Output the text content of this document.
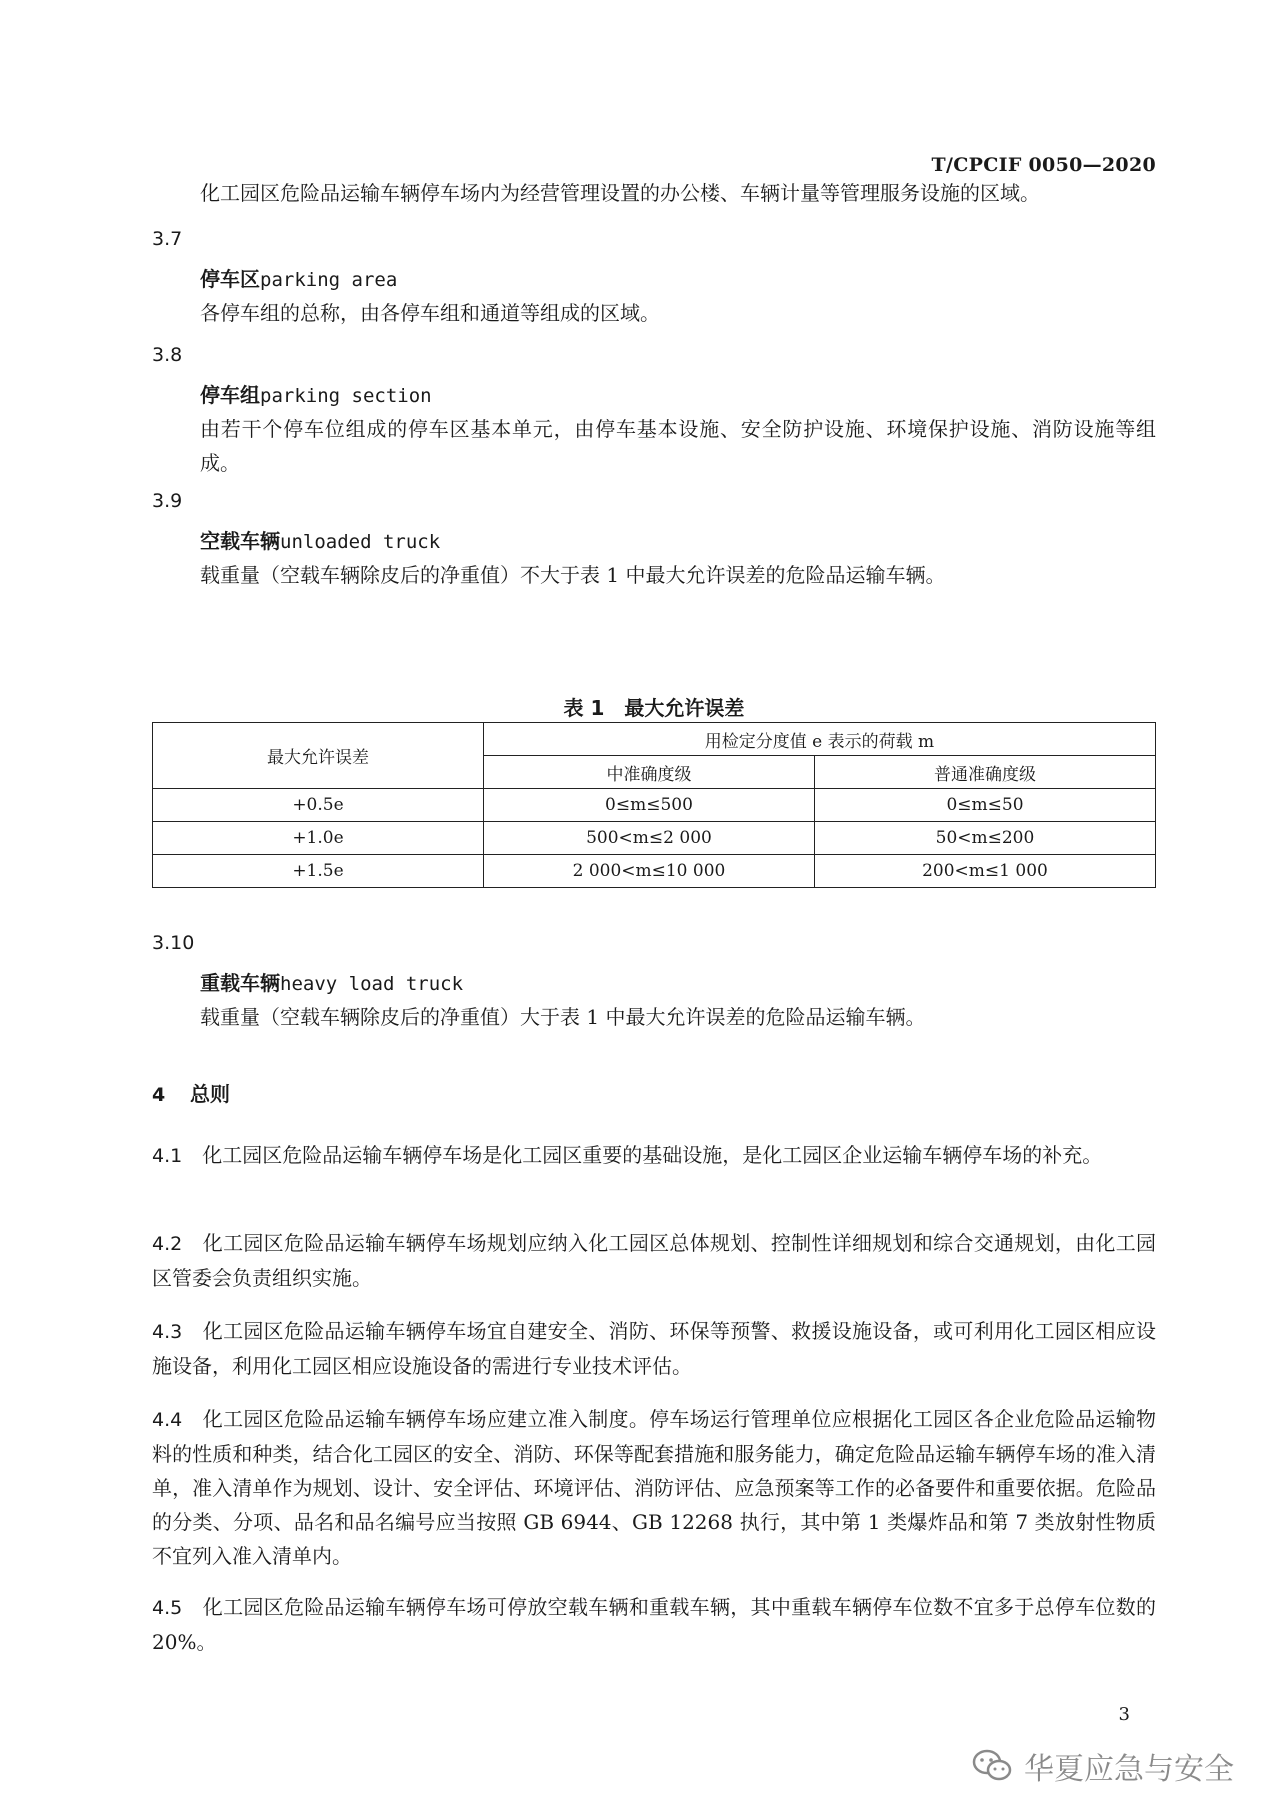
T/CPCIF 0050—2020
化工园区危险品运输车辆停车场内为经营管理设置的办公楼、车辆计量等管理服务设施的区域。
3.7
停车区parking area
各停车组的总称，由各停车组和通道等组成的区域。
3.8
停车组parking section
由若干个停车位组成的停车区基本单元，由停车基本设施、安全防护设施、环境保护设施、消防设施等组成。
3.9
空载车辆unloaded truck
载重量（空载车辆除皮后的净重值）不大于表 1 中最大允许误差的危险品运输车辆。
表 1　最大允许误差
最大允许误差	用检定分度值 e 表示的荷载 m	
	中准确度级	普通准确度级
+0.5e	0≤m≤500	0≤m≤50
+1.0e	500<m≤2 000	50<m≤200
+1.5e	2 000<m≤10 000	200<m≤1 000
3.10
重载车辆heavy load truck
载重量（空载车辆除皮后的净重值）大于表 1 中最大允许误差的危险品运输车辆。
4 总则
4.1　 化工园区危险品运输车辆停车场是化工园区重要的基础设施，是化工园区企业运输车辆停车场的补充。
4.2　 化工园区危险品运输车辆停车场规划应纳入化工园区总体规划、控制性详细规划和综合交通规划，由化工园区管委会负责组织实施。
4.3　 化工园区危险品运输车辆停车场宜自建安全、消防、环保等预警、救援设施设备，或可利用化工园区相应设施设备，利用化工园区相应设施设备的需进行专业技术评估。
4.4　 化工园区危险品运输车辆停车场应建立准入制度。停车场运行管理单位应根据化工园区各企业危险品运输物料的性质和种类，结合化工园区的安全、消防、环保等配套措施和服务能力，确定危险品运输车辆停车场的准入清单，准入清单作为规划、设计、安全评估、环境评估、消防评估、应急预案等工作的必备要件和重要依据。危险品的分类、分项、品名和品名编号应当按照 GB 6944、GB 12268 执行，其中第 1 类爆炸品和第 7 类放射性物质不宜列入准入清单内。
4.5　 化工园区危险品运输车辆停车场可停放空载车辆和重载车辆，其中重载车辆停车位数不宜多于总停车位数的 20%。
3
华夏应急与安全
